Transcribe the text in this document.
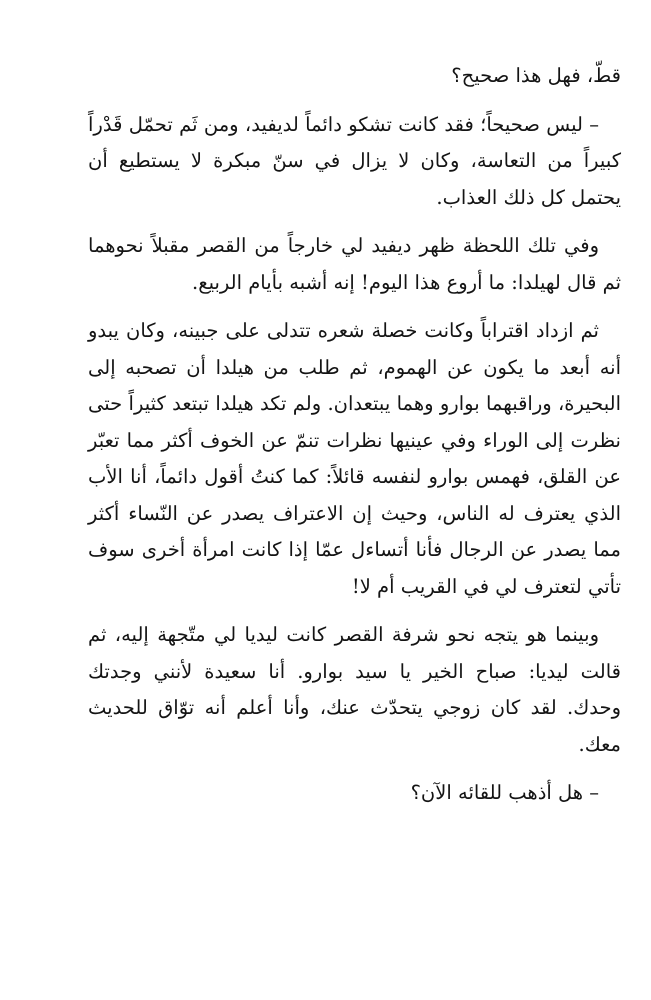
قطّ، فهل هذا صحيح؟

– ليس صحيحاً؛ فقد كانت تشكو دائماً لديفيد، ومن ثَم تحمّل قَدْراً كبيراً من التعاسة، وكان لا يزال في سنّ مبكرة لا يستطيع أن يحتمل كل ذلك العذاب.

وفي تلك اللحظة ظهر ديفيد لي خارجاً من القصر مقبلاً نحوهما ثم قال لهيلدا: ما أروع هذا اليوم! إنه أشبه بأيام الربيع.

ثم ازداد اقتراباً وكانت خصلة شعره تتدلى على جبينه، وكان يبدو أنه أبعد ما يكون عن الهموم، ثم طلب من هيلدا أن تصحبه إلى البحيرة، وراقبهما بوارو وهما يبتعدان. ولم تكد هيلدا تبتعد كثيراً حتى نظرت إلى الوراء وفي عينيها نظرات تنمّ عن الخوف أكثر مما تعبّر عن القلق، فهمس بوارو لنفسه قائلاً: كما كنتُ أقول دائماً، أنا الأب الذي يعترف له الناس، وحيث إن الاعتراف يصدر عن النّساء أكثر مما يصدر عن الرجال فأنا أتساءل عمّا إذا كانت امرأة أخرى سوف تأتي لتعترف لي في القريب أم لا!

وبينما هو يتجه نحو شرفة القصر كانت ليديا لي متّجهة إليه، ثم قالت ليديا: صباح الخير يا سيد بوارو. أنا سعيدة لأنني وجدتك وحدك. لقد كان زوجي يتحدّث عنك، وأنا أعلم أنه توّاق للحديث معك.

– هل أذهب للقائه الآن؟
